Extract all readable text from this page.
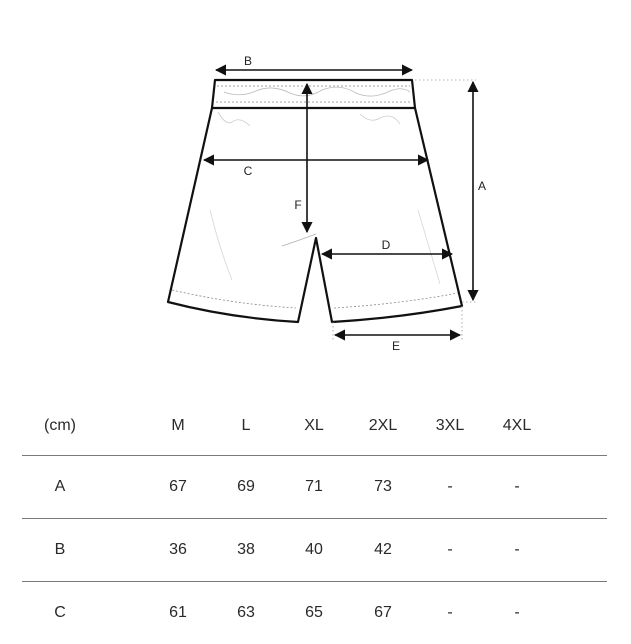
B
C
F
D
A
E
(cm)	M	L	XL	2XL	3XL	4XL
A	67	69	71	73	-	-
B	36	38	40	42	-	-
C	61	63	65	67	-	-
